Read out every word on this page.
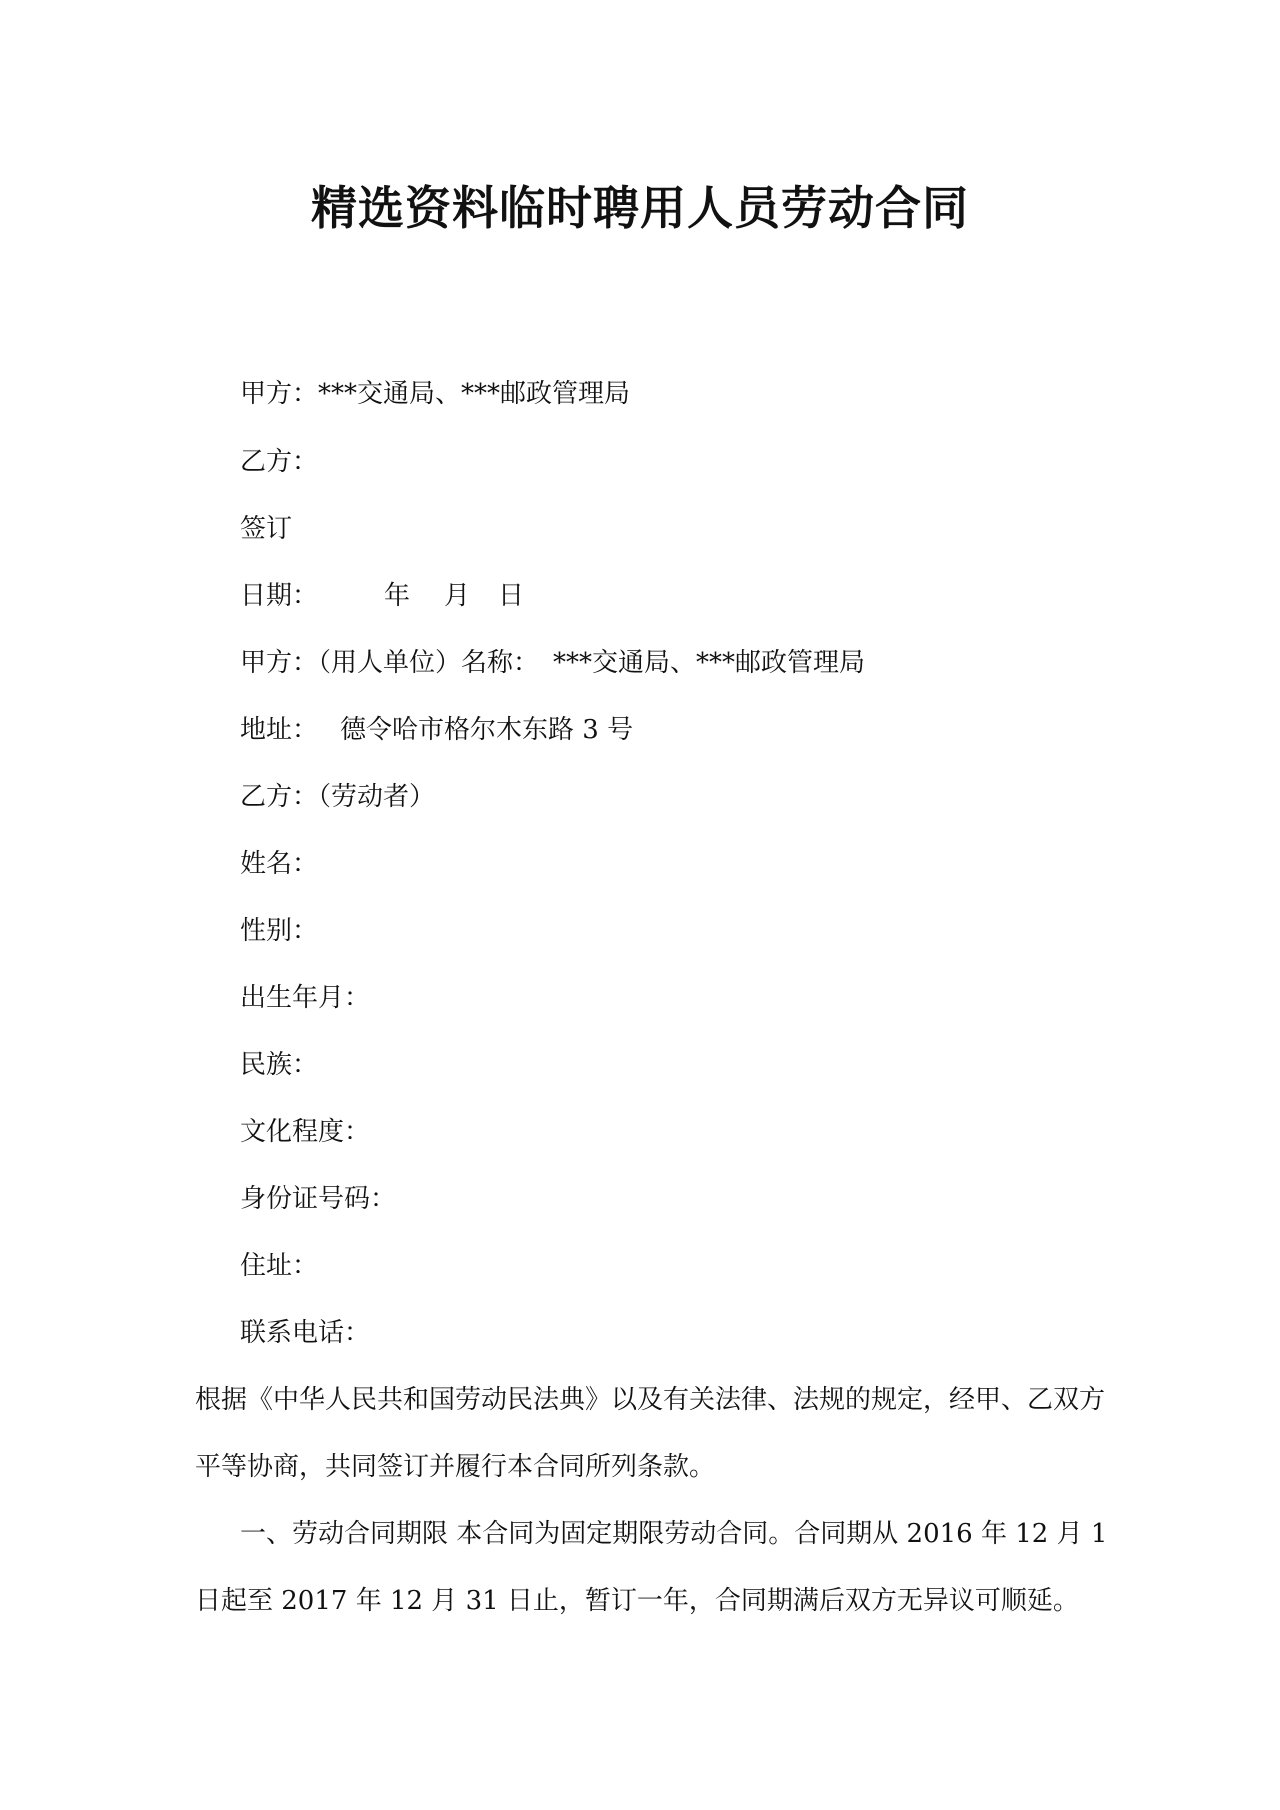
精选资料临时聘用人员劳动合同
甲方：***交通局、***邮政管理局
乙方：
签订
日期：	年 月 日
甲方：（用人单位）名称： ***交通局、***邮政管理局
地址： 德令哈市格尔木东路 3 号
乙方：（劳动者）
姓名：
性别：
出生年月：
民族：
文化程度：
身份证号码：
住址：
联系电话：
根据《中华人民共和国劳动民法典》以及有关法律、法规的规定，经甲、乙双方
平等协商，共同签订并履行本合同所列条款。
一、劳动合同期限 本合同为固定期限劳动合同。合同期从 2016 年 12 月 1
日起至 2017 年 12 月 31 日止，暂订一年，合同期满后双方无异议可顺延。
